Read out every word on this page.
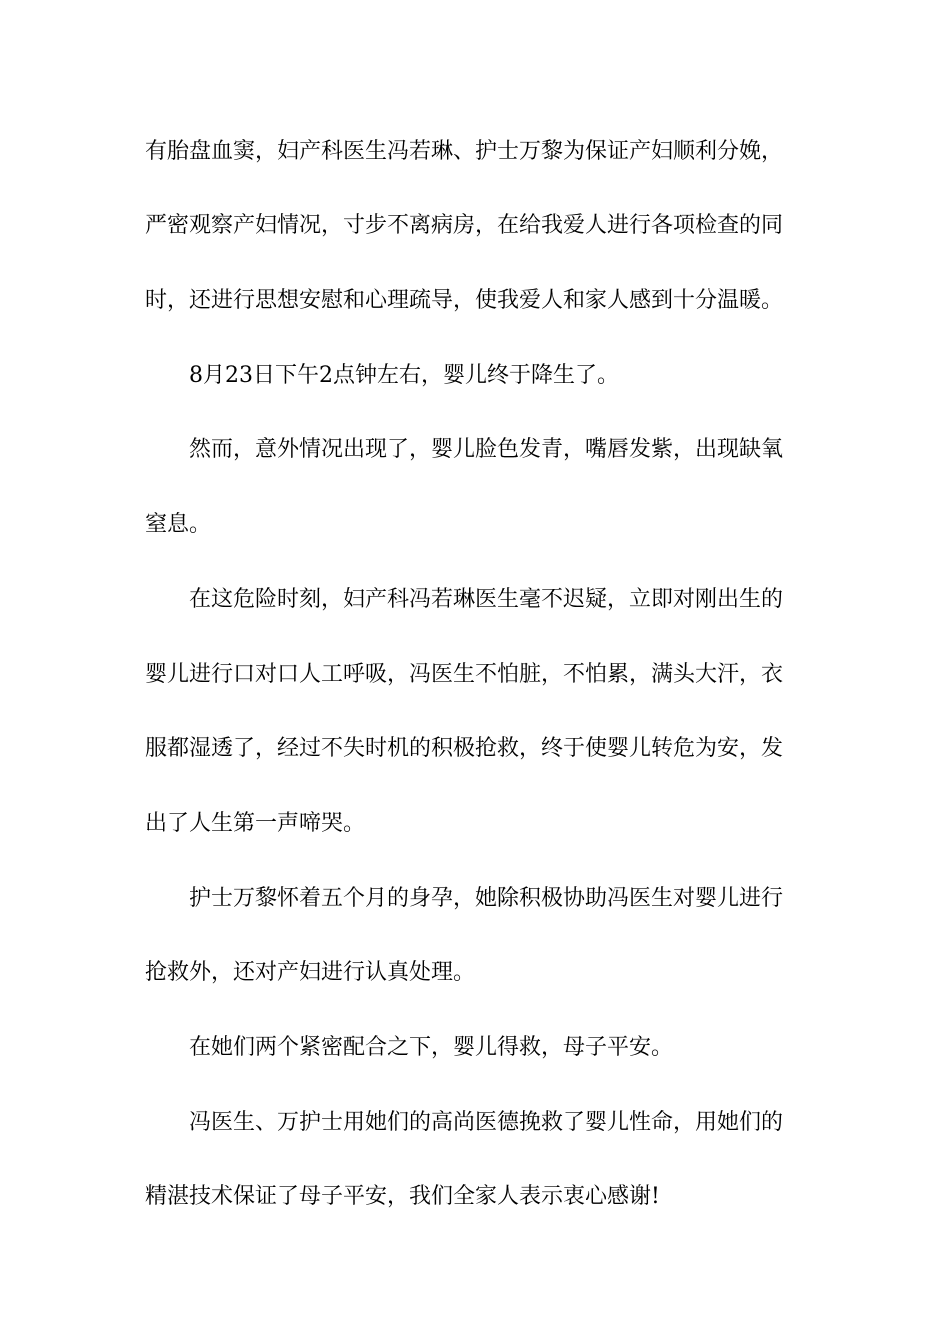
有胎盘血窦，妇产科医生冯若琳、护士万黎为保证产妇顺利分娩，
严密观察产妇情况，寸步不离病房，在给我爱人进行各项检查的同
时，还进行思想安慰和心理疏导，使我爱人和家人感到十分温暖。
8月23日下午2点钟左右，婴儿终于降生了。
然而，意外情况出现了，婴儿脸色发青，嘴唇发紫，出现缺氧
窒息。
在这危险时刻，妇产科冯若琳医生毫不迟疑，立即对刚出生的
婴儿进行口对口人工呼吸，冯医生不怕脏，不怕累，满头大汗，衣
服都湿透了，经过不失时机的积极抢救，终于使婴儿转危为安，发
出了人生第一声啼哭。
护士万黎怀着五个月的身孕，她除积极协助冯医生对婴儿进行
抢救外，还对产妇进行认真处理。
在她们两个紧密配合之下，婴儿得救，母子平安。
冯医生、万护士用她们的高尚医德挽救了婴儿性命，用她们的
精湛技术保证了母子平安，我们全家人表示衷心感谢!
